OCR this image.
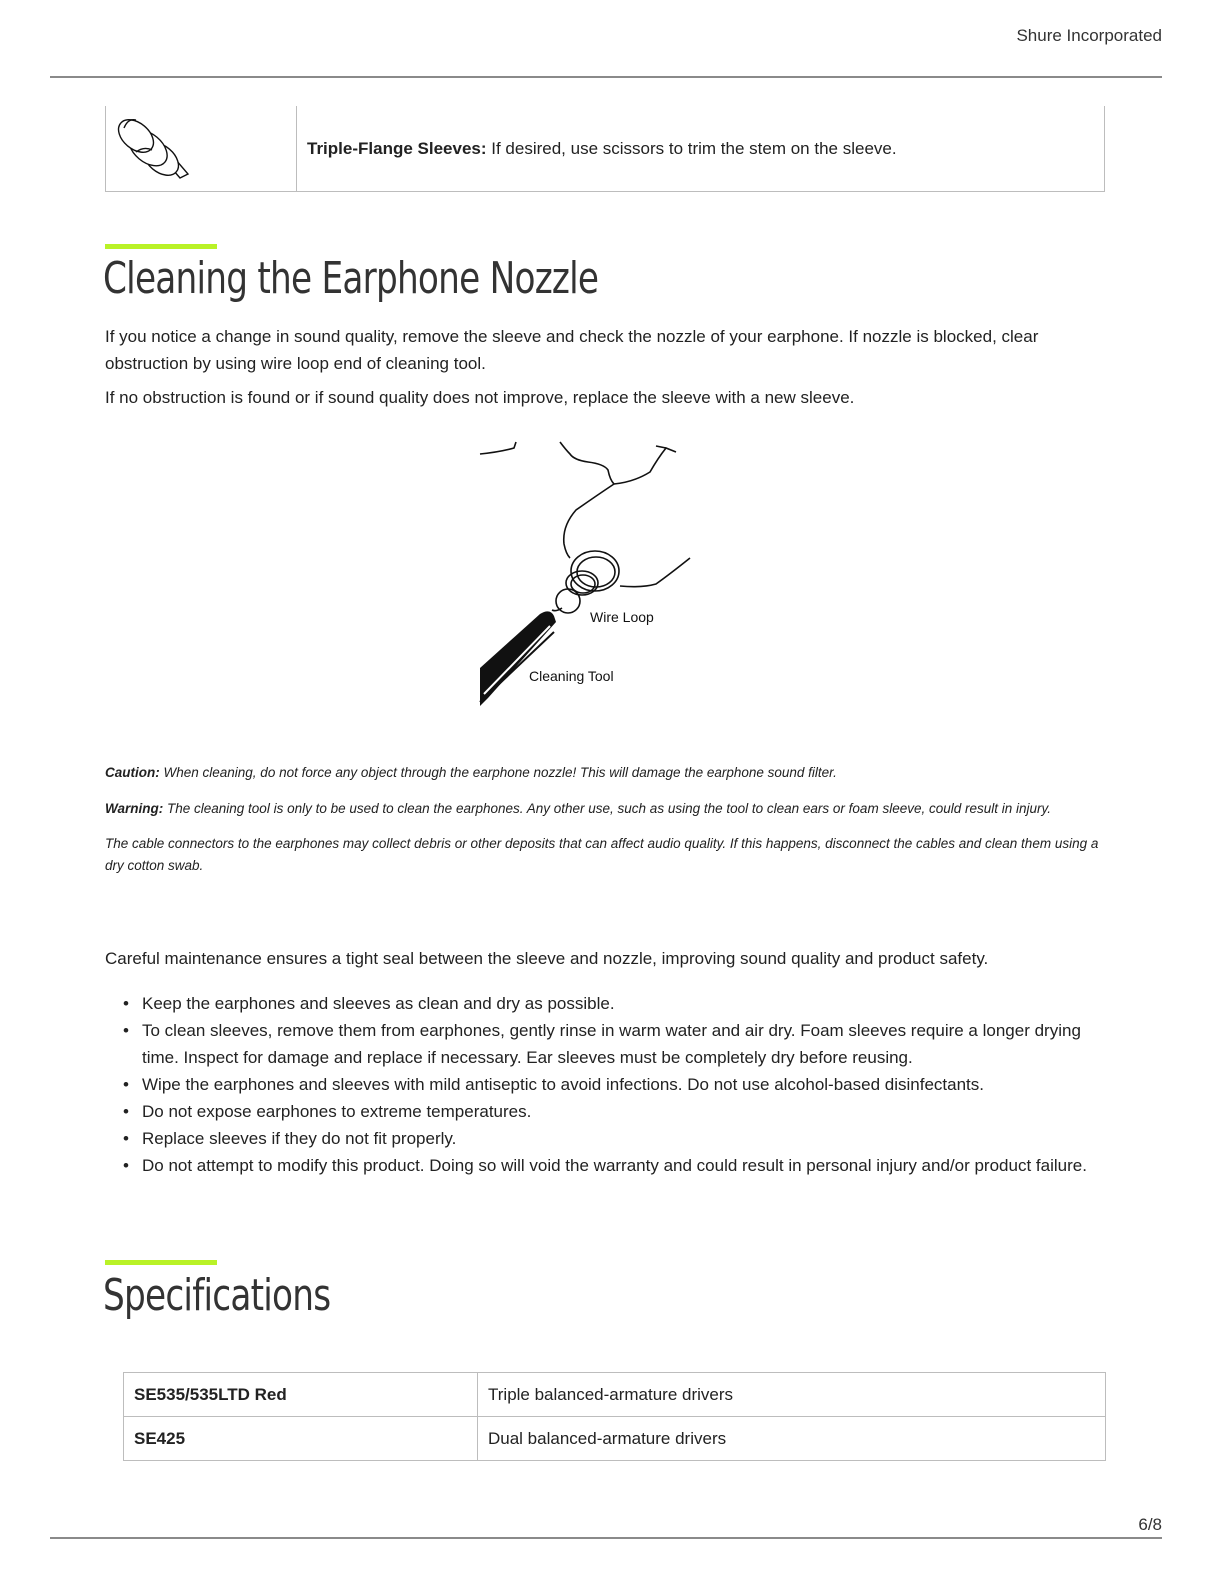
Shure Incorporated
	Triple-Flange Sleeves: If desired, use scissors to trim the stem on the sleeve.
Cleaning the Earphone Nozzle

If you notice a change in sound quality, remove the sleeve and check the nozzle of your earphone. If nozzle is blocked, clear obstruction by using wire loop end of cleaning tool.

If no obstruction is found or if sound quality does not improve, replace the sleeve with a new sleeve.

Wire Loop
Cleaning Tool

Caution: When cleaning, do not force any object through the earphone nozzle! This will damage the earphone sound filter.

Warning: The cleaning tool is only to be used to clean the earphones. Any other use, such as using the tool to clean ears or foam sleeve, could result in injury.

The cable connectors to the earphones may collect debris or other deposits that can affect audio quality. If this happens, disconnect the cables and clean them using a dry cotton swab.

Careful maintenance ensures a tight seal between the sleeve and nozzle, improving sound quality and product safety.

• Keep the earphones and sleeves as clean and dry as possible.
• To clean sleeves, remove them from earphones, gently rinse in warm water and air dry. Foam sleeves require a longer drying time. Inspect for damage and replace if necessary. Ear sleeves must be completely dry before reusing.
• Wipe the earphones and sleeves with mild antiseptic to avoid infections. Do not use alcohol-based disinfectants.
• Do not expose earphones to extreme temperatures.
• Replace sleeves if they do not fit properly.
• Do not attempt to modify this product. Doing so will void the warranty and could result in personal injury and/or product failure.
Specifications
SE535/535LTD Red	Triple balanced-armature drivers
SE425	Dual balanced-armature drivers
6/8
